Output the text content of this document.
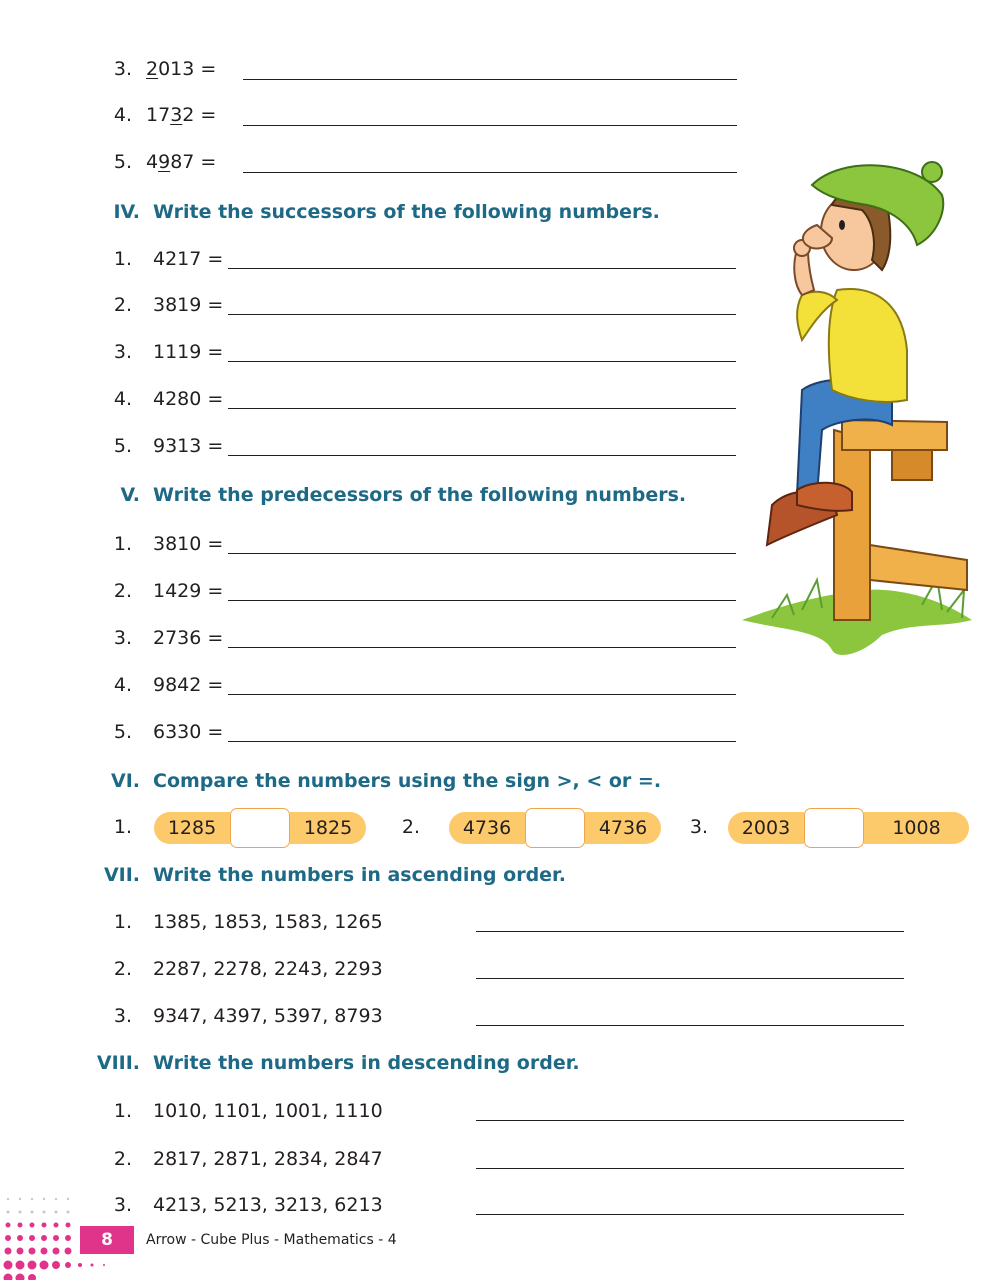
3. 2013 =
4. 1732 =
5. 4987 =
IV. Write the successors of the following numbers.
1. 4217 =
2. 3819 =
3. 1119 =
4. 4280 =
5. 9313 =
V. Write the predecessors of the following numbers.
1. 3810 =
2. 1429 =
3. 2736 =
4. 9842 =
5. 6330 =
VI. Compare the numbers using the sign >, < or =.
1.	1285	1825	2.	4736	4736	3.	2003	1008
VII. Write the numbers in ascending order.
1. 1385, 1853, 1583, 1265
2. 2287, 2278, 2243, 2293
3. 9347, 4397, 5397, 8793
VIII. Write the numbers in descending order.
1. 1010, 1101, 1001, 1110
2. 2817, 2871, 2834, 2847
3. 4213, 5213, 3213, 6213
8	Arrow - Cube Plus - Mathematics - 4
